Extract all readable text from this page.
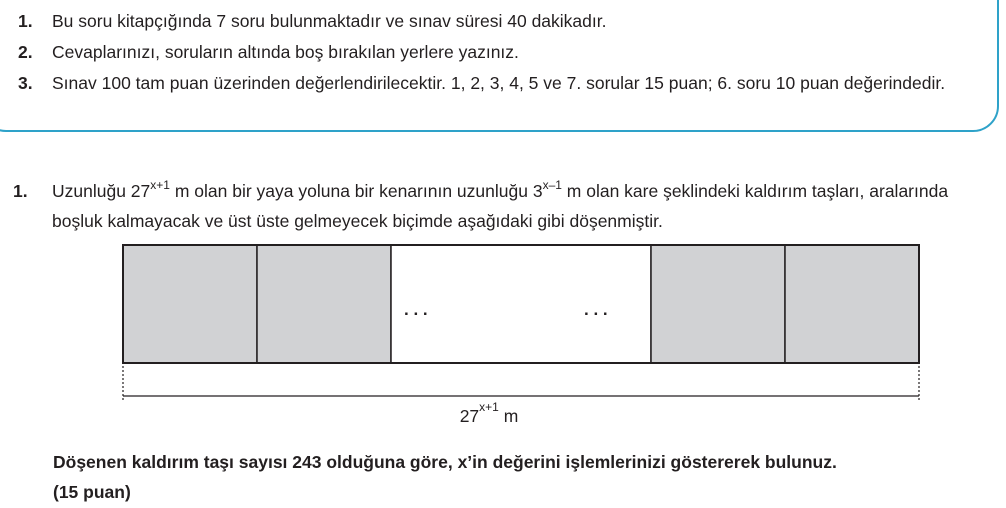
1. Bu soru kitapçığında 7 soru bulunmaktadır ve sınav süresi 40 dakikadır.
2. Cevaplarınızı, soruların altında boş bırakılan yerlere yazınız.
3. Sınav 100 tam puan üzerinden değerlendirilecektir. 1, 2, 3, 4, 5 ve 7. sorular 15 puan; 6. soru 10 puan değerindedir.
1. Uzunluğu $27^{x+1}$ m olan bir yaya yoluna bir kenarının uzunluğu 3$^{x-1}$ m olan kare şeklindeki kaldırım taşları, aralarında boşluk kalmayacak ve üst üste gelmeyecek biçimde aşağıdaki gibi döşenmiştir.
. . .	. . .
$27^{x+1}$ m
Döşenen kaldırım taşı sayısı 243 olduğuna göre, x’in değerini işlemlerinizi göstererek bulunuz.
(15 puan)
